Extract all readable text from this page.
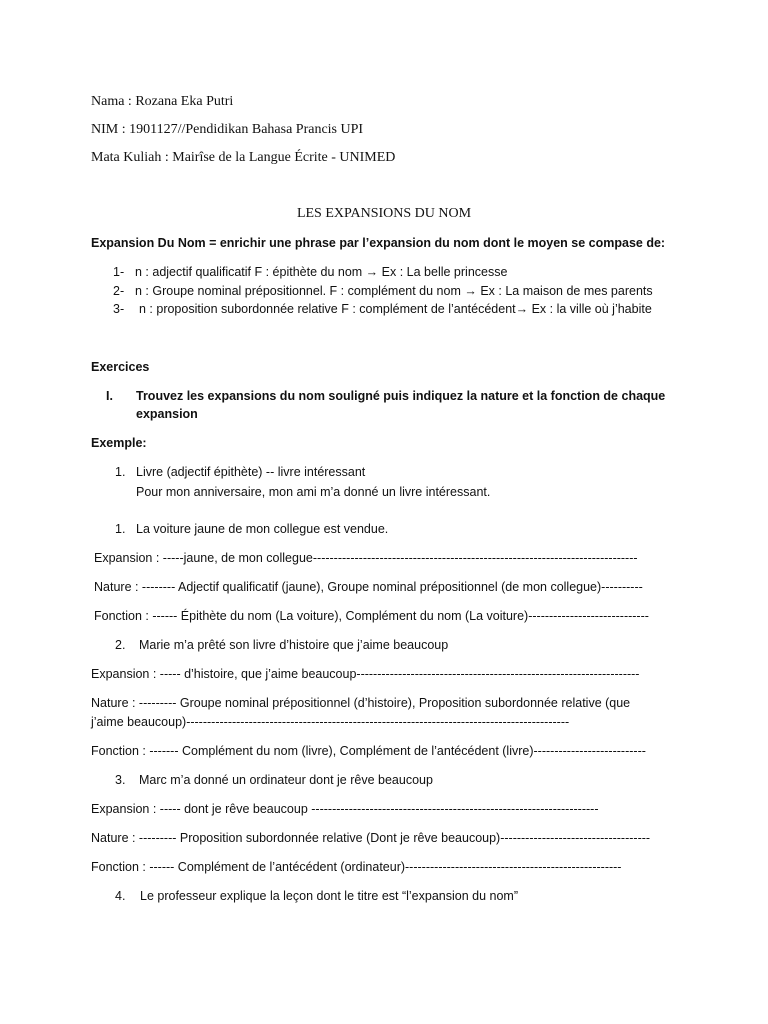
Nama : Rozana Eka Putri
NIM : 1901127//Pendidikan Bahasa Prancis UPI
Mata Kuliah : Mairîse de la Langue Écrite - UNIMED
LES EXPANSIONS DU NOM
Expansion Du Nom = enrichir une phrase par l’expansion du nom dont le moyen se compase de:
1- n : adjectif qualificatif F : épithète du nom → Ex : La belle princesse
2- n : Groupe nominal prépositionnel. F : complément du nom → Ex : La maison de mes parents
3- n : proposition subordonnée relative F : complément de l’antécédent→ Ex : la ville où j’habite
Exercices
I. Trouvez les expansions du nom souligné puis indiquez la nature et la fonction de chaque
expansion
Exemple:
1. Livre (adjectif épithète) -- livre intéressant
Pour mon anniversaire, mon ami m’a donné un livre intéressant.
1. La voiture jaune de mon collegue est vendue.
Expansion : -----jaune, de mon collegue------------------------------------------------------------------------------
Nature : -------- Adjectif qualificatif (jaune), Groupe nominal prépositionnel (de mon collegue)----------
Fonction : ------ Épithète du nom (La voiture), Complément du nom (La voiture)-----------------------------
2. Marie m’a prêté son livre d’histoire que j’aime beaucoup
Expansion : ----- d’histoire, que j’aime beaucoup--------------------------------------------------------------------
Nature : --------- Groupe nominal prépositionnel (d’histoire), Proposition subordonnée relative (que
j’aime beaucoup)--------------------------------------------------------------------------------------------
Fonction : ------- Complément du nom (livre), Complément de l’antécédent (livre)---------------------------
3. Marc m’a donné un ordinateur dont je rêve beaucoup
Expansion : ----- dont je rêve beaucoup ---------------------------------------------------------------------
Nature : --------- Proposition subordonnée relative (Dont je rêve beaucoup)------------------------------------
Fonction : ------ Complément de l’antécédent (ordinateur)----------------------------------------------------
4. Le professeur explique la leçon dont le titre est “l’expansion du nom”
